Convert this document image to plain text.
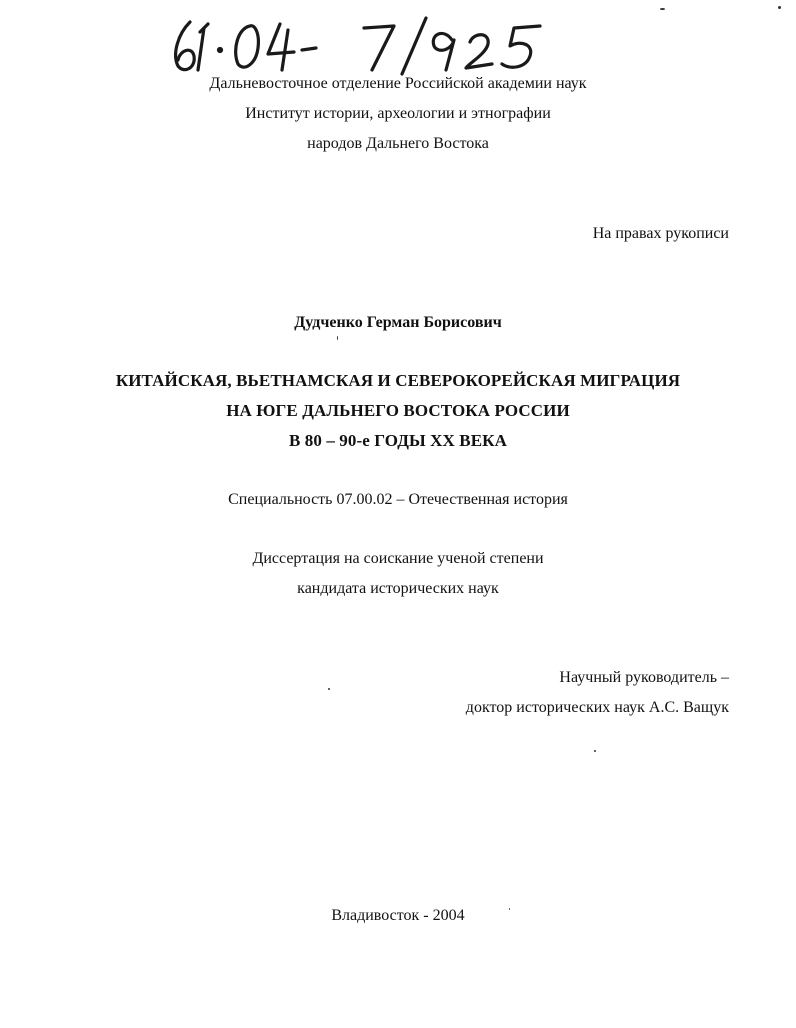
Дальневосточное отделение Российской академии наук
Институт истории, археологии и этнографии
народов Дальнего Востока
На правах рукописи
Дудченко Герман Борисович
КИТАЙСКАЯ, ВЬЕТНАМСКАЯ И СЕВЕРОКОРЕЙСКАЯ МИГРАЦИЯ
НА ЮГЕ ДАЛЬНЕГО ВОСТОКА РОССИИ
В 80 – 90-е ГОДЫ XX ВЕКА
Специальность 07.00.02 – Отечественная история
Диссертация на соискание ученой степени
кандидата исторических наук
Научный руководитель –
доктор исторических наук А.С. Ващук
Владивосток - 2004
